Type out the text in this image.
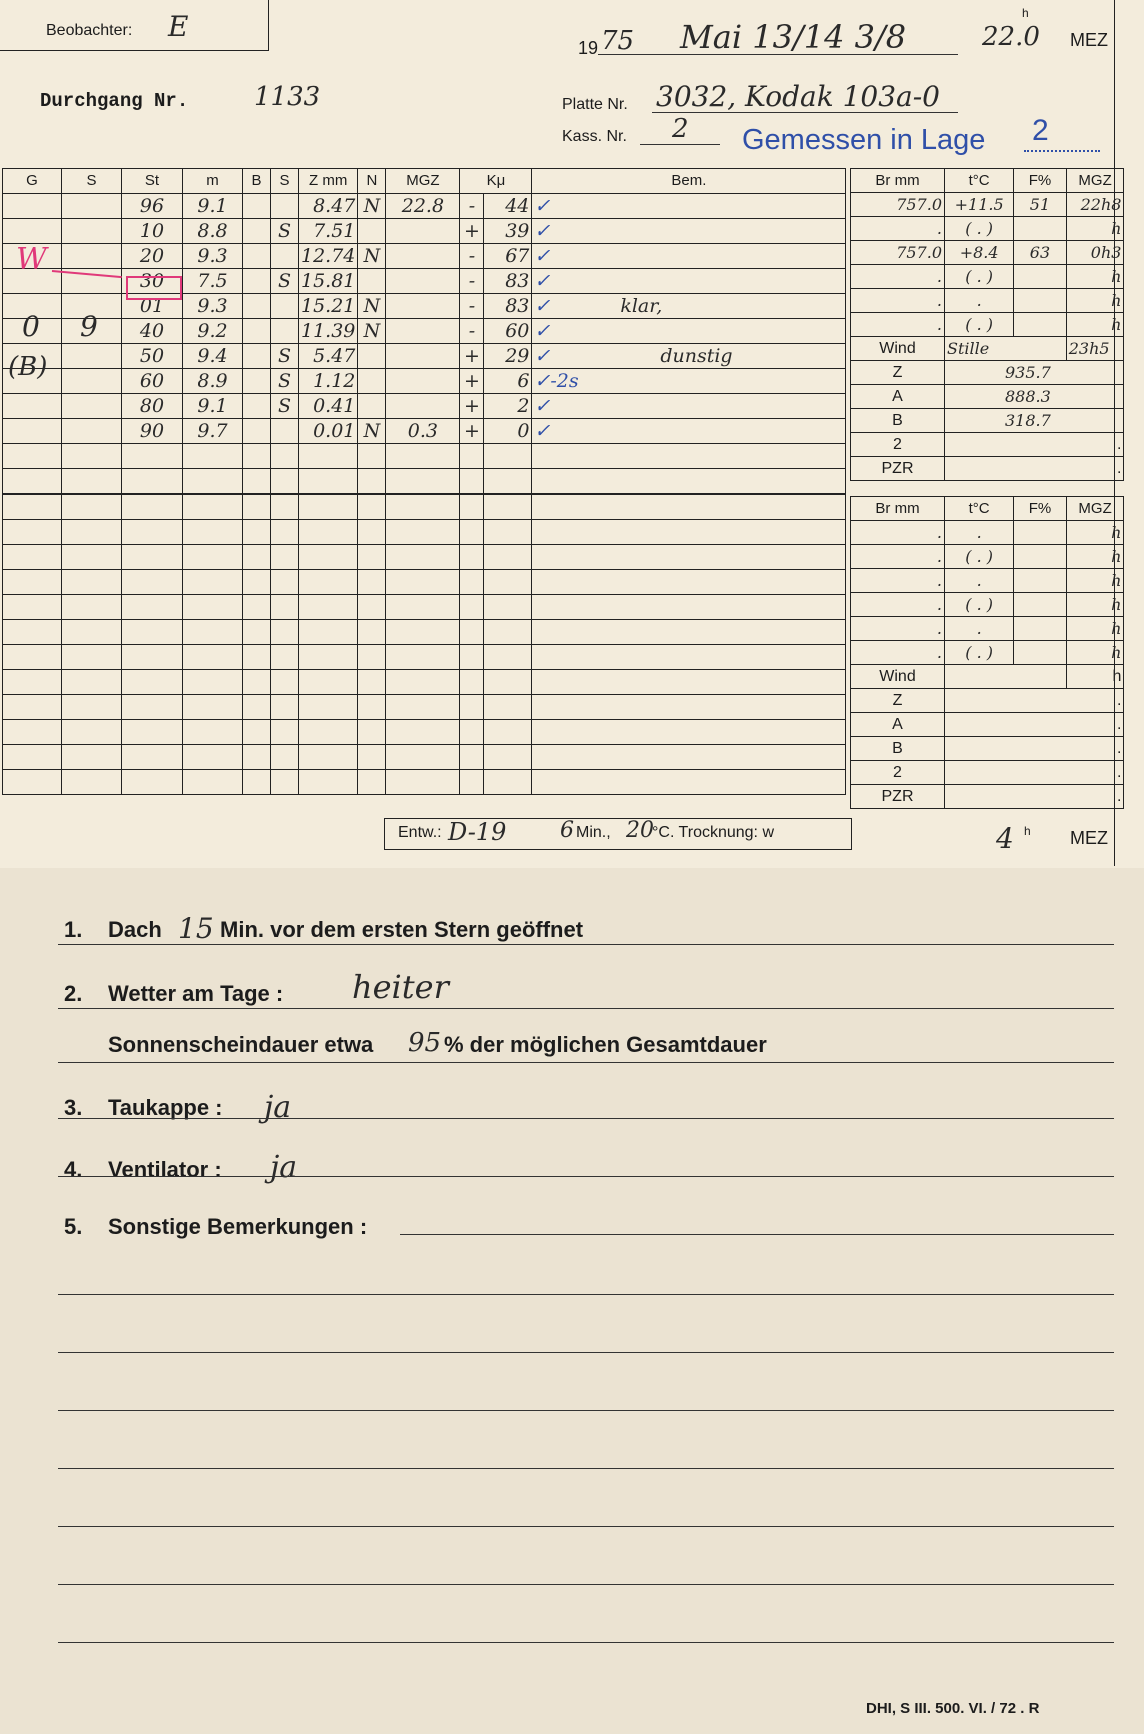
Beobachter: E
19 75 Mai 13/14 3/8	22.0
h
MEZ
Durchgang Nr.	1133	Platte Nr. 3032, Kodak 103a-0
Kass. Nr. 2 Gemessen in Lage 2
G	S	St	m	B	S	Z mm	N	MGZ	Kμ		Bem.
		96	9.1			8.47	N	22.8	-	44	✓
		10	8.8		S	7.51			+	39	✓
		20	9.3			12.74	N		-	67	✓
		30	7.5		S	15.81			-	83	✓
		01	9.3			15.21	N		-	83	✓ klar,
		40	9.2			11.39	N		-	60	✓
		50	9.4		S	5.47			+	29	✓ dunstig
		60	8.9		S	1.12			+	6	✓-2s
		80	9.1		S	0.41			+	2	✓
		90	9.7			0.01	N	0.3	+	0	✓

W
0 9
(B)
Br mm	t°C	F%	MGZ
757.0	+11.5	51	22h8
.	( . )		h
757.0	+8.4	63	0h3
.	( . )		h
.	.		h
.	( . )		h
Wind	Stille		23h5
Z	935.7		
A	888.3		
B	318.7		
2	.		
PZR	.		
Br mm	t°C	F%	MGZ
.	.		h
.	( . )		h
.	.		h
.	( . )		h
.	.		h
.	( . )		h
Wind			h
Z	.		
A	.		
B	.		
2	.		
PZR	.		
Entw.: D-19 6 Min., 20
°C. Trocknung: w	4 h MEZ
1. Dach 15 Min. vor dem ersten Stern geöffnet
2. Wetter am Tage : heiter
Sonnenscheindauer etwa 95 % der möglichen Gesamtdauer
3. Taukappe : ja
4. Ventilator : ja
5. Sonstige Bemerkungen :
DHI, S III. 500. VI. / 72 . R
